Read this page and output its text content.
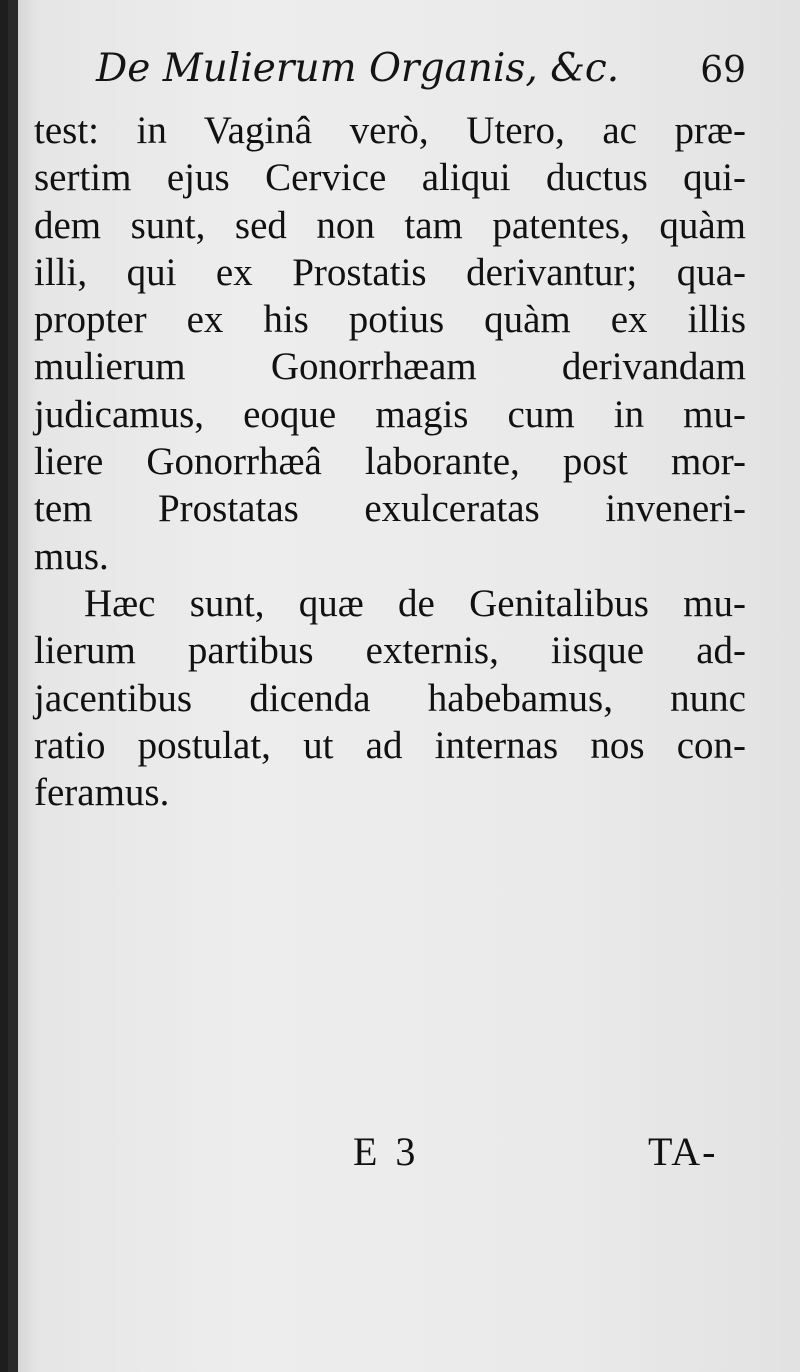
De Mulierum Organis, &c. 69
test: in Vaginâ verò, Utero, ac præ-
sertim ejus Cervice aliqui ductus qui-
dem sunt, sed non tam patentes, quàm
illi, qui ex Prostatis derivantur; qua-
propter ex his potius quàm ex illis
mulierum Gonorrhæam derivandam
judicamus, eoque magis cum in mu-
liere Gonorrhæâ laborante, post mor-
tem Prostatas exulceratas inveneri-
mus.
Hæc sunt, quæ de Genitalibus mu-
lierum partibus externis, iisque ad-
jacentibus dicenda habebamus, nunc
ratio postulat, ut ad internas nos con-
feramus.
E 3	TA-
